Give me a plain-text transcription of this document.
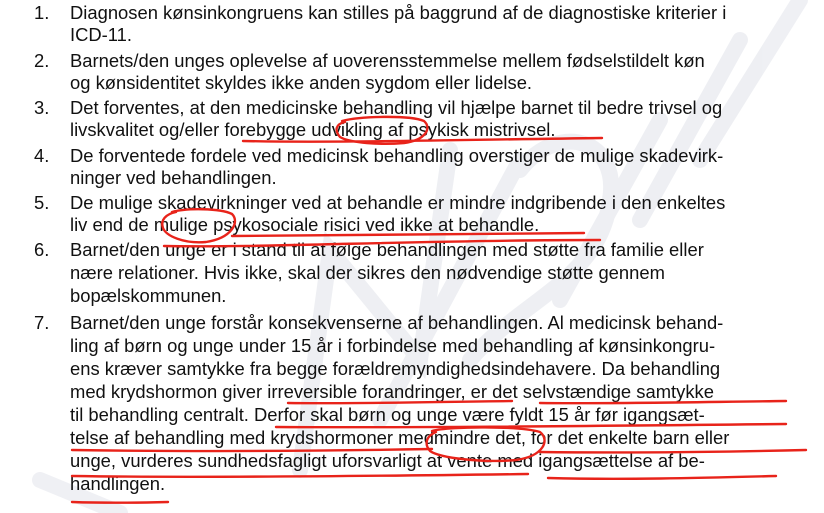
1. Diagnosen kønsinkongruens kan stilles på baggrund af de diagnostiske kriterier i
ICD-11.
2. Barnets/den unges oplevelse af uoverensstemmelse mellem fødselstildelt køn
og kønsidentitet skyldes ikke anden sygdom eller lidelse.
3. Det forventes, at den medicinske behandling vil hjælpe barnet til bedre trivsel og
livskvalitet og/eller forebygge udvikling af psykisk mistrivsel.
4. De forventede fordele ved medicinsk behandling overstiger de mulige skadevirk-
ninger ved behandlingen.
5. De mulige skadevirkninger ved at behandle er mindre indgribende i den enkeltes
liv end de mulige psykosociale risici ved ikke at behandle.
6. Barnet/den unge er i stand til at følge behandlingen med støtte fra familie eller
nære relationer. Hvis ikke, skal der sikres den nødvendige støtte gennem
bopælskommunen.
7. Barnet/den unge forstår konsekvenserne af behandlingen. Al medicinsk behand-
ling af børn og unge under 15 år i forbindelse med behandling af kønsinkongru-
ens kræver samtykke fra begge forældremyndighedsindehavere. Da behandling
med krydshormon giver irreversible forandringer, er det selvstændige samtykke
til behandling centralt. Derfor skal børn og unge være fyldt 15 år før igangsæt-
telse af behandling med krydshormoner medmindre det, for det enkelte barn eller
unge, vurderes sundhedsfagligt uforsvarligt at vente med igangsættelse af be-
handlingen.
